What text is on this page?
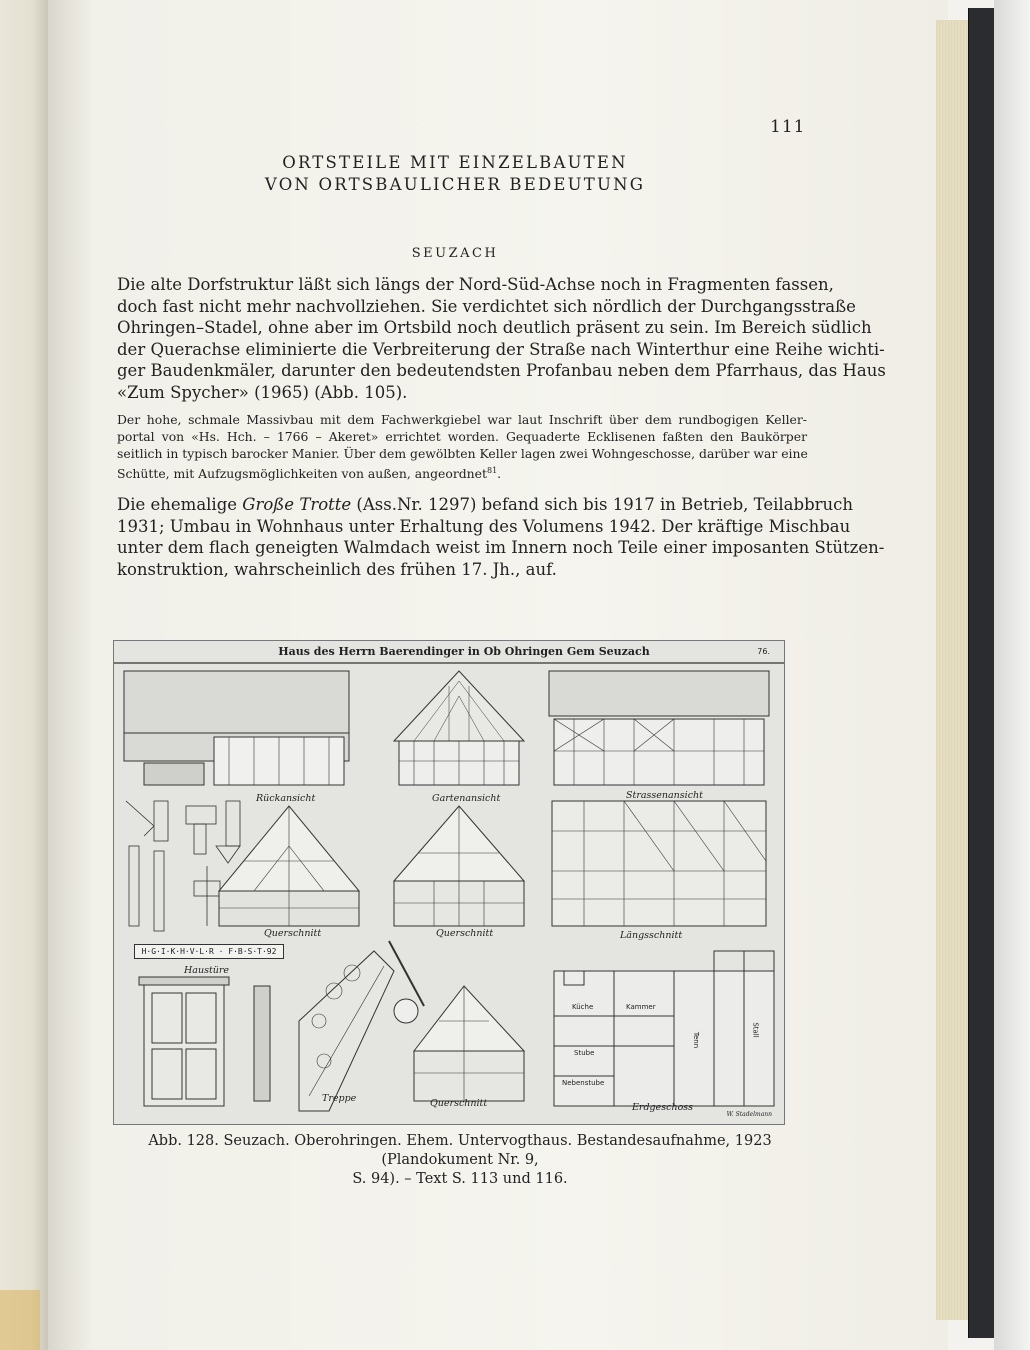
111
ORTSTEILE MIT EINZELBAUTEN
VON ORTSBAULICHER BEDEUTUNG
SEUZACH
Die alte Dorfstruktur läßt sich längs der Nord-Süd-Achse noch in Fragmenten fassen,
doch fast nicht mehr nachvollziehen. Sie verdichtet sich nördlich der Durchgangsstraße
Ohringen–Stadel, ohne aber im Ortsbild noch deutlich präsent zu sein. Im Bereich südlich
der Querachse eliminierte die Verbreiterung der Straße nach Winterthur eine Reihe wichti-
ger Baudenkmäler, darunter den bedeutendsten Profanbau neben dem Pfarrhaus, das Haus
«Zum Spycher» (1965) (Abb. 105).
Der hohe, schmale Massivbau mit dem Fachwerkgiebel war laut Inschrift über dem rundbogigen Keller-
portal von «Hs. Hch. – 1766 – Akeret» errichtet worden. Gequaderte Ecklisenen faßten den Baukörper
seitlich in typisch barocker Manier. Über dem gewölbten Keller lagen zwei Wohngeschosse, darüber war eine
Schütte, mit Aufzugsmöglichkeiten von außen, angeordnet$^{81}$.
Die ehemalige Große Trotte (Ass.Nr. 1297) befand sich bis 1917 in Betrieb, Teilabbruch
1931; Umbau in Wohnhaus unter Erhaltung des Volumens 1942. Der kräftige Mischbau
unter dem flach geneigten Walmdach weist im Innern noch Teile einer imposanten Stützen-
konstruktion, wahrscheinlich des frühen 17. Jh., auf.
Haus des Herrn Baerendinger in Ob Ohringen Gem Seuzach	76.
Rückansicht	Gartenansicht	Strassenansicht
Querschnitt	Querschnitt	Längsschnitt
H·G·I·K·H·V·L·R · F·B·S·T·92
Haustüre
Treppe	Querschnitt	Erdgeschoss
Küche	Kammer
Stube
Nebenstube
Tenn
Stall
W. Stadelmann
Abb. 128. Seuzach. Oberohringen. Ehem. Untervogthaus. Bestandesaufnahme, 1923 (Plandokument Nr. 9,
S. 94). – Text S. 113 und 116.
